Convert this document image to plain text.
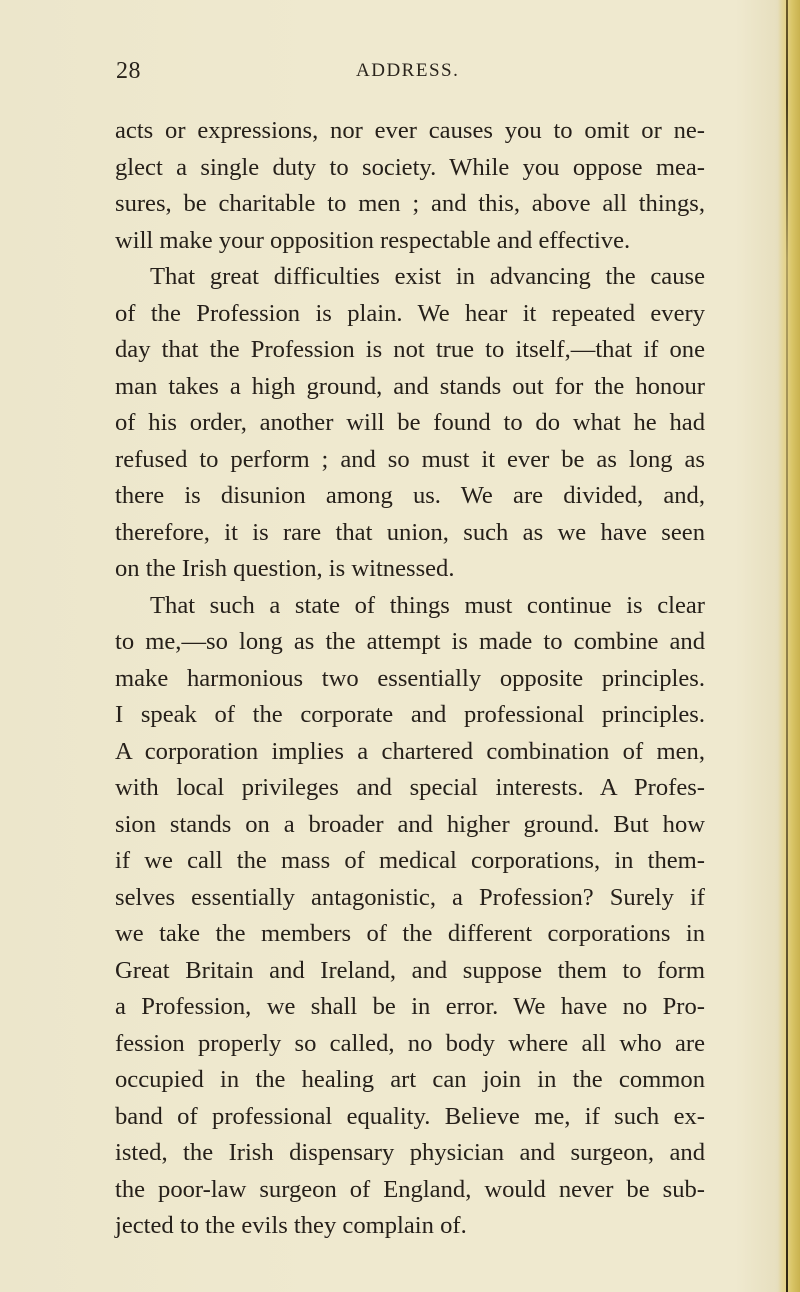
28	ADDRESS.
acts or expressions, nor ever causes you to omit or ne-
glect a single duty to society. While you oppose mea-
sures, be charitable to men ; and this, above all things,
will make your opposition respectable and effective.
That great difficulties exist in advancing the cause
of the Profession is plain. We hear it repeated every
day that the Profession is not true to itself,—that if one
man takes a high ground, and stands out for the honour
of his order, another will be found to do what he had
refused to perform ; and so must it ever be as long as
there is disunion among us. We are divided, and,
therefore, it is rare that union, such as we have seen
on the Irish question, is witnessed.
That such a state of things must continue is clear
to me,—so long as the attempt is made to combine and
make harmonious two essentially opposite principles.
I speak of the corporate and professional principles.
A corporation implies a chartered combination of men,
with local privileges and special interests. A Profes-
sion stands on a broader and higher ground. But how
if we call the mass of medical corporations, in them-
selves essentially antagonistic, a Profession? Surely if
we take the members of the different corporations in
Great Britain and Ireland, and suppose them to form
a Profession, we shall be in error. We have no Pro-
fession properly so called, no body where all who are
occupied in the healing art can join in the common
band of professional equality. Believe me, if such ex-
isted, the Irish dispensary physician and surgeon, and
the poor-law surgeon of England, would never be sub-
jected to the evils they complain of.
